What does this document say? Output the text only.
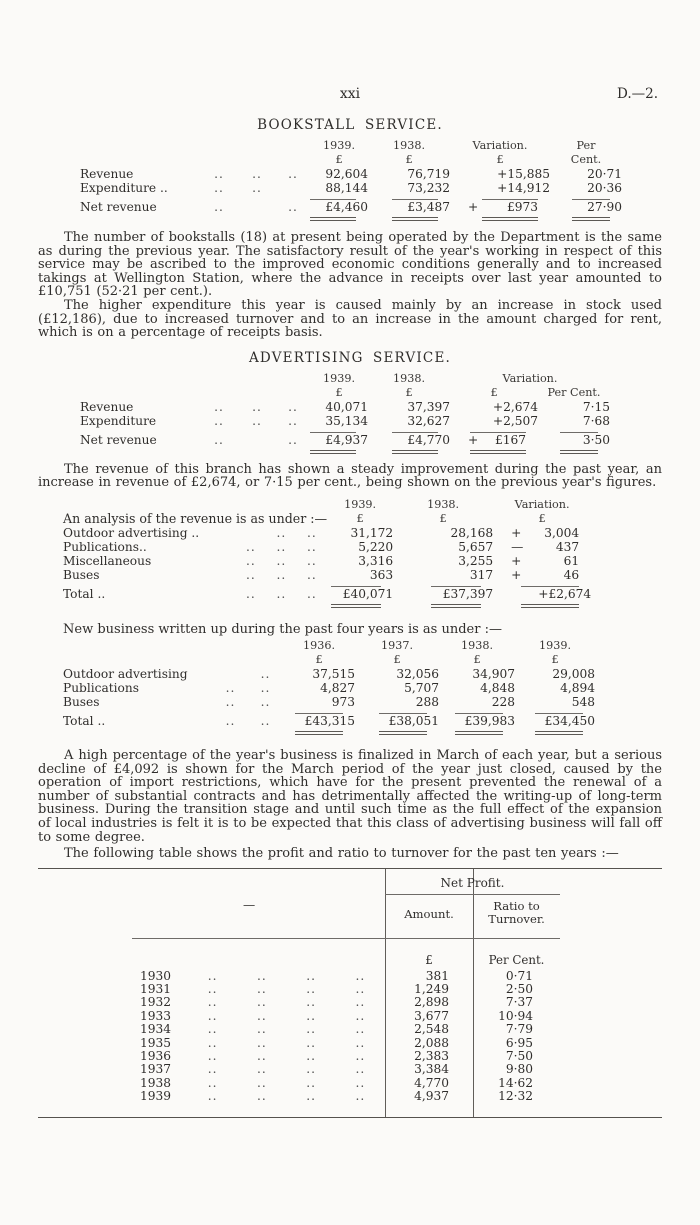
xxi	D.—2.

BOOKSTALL SERVICE.

				1939.	1938.	Variation.	Per
				£	£	£	Cent.
Revenue	..	..	..	92,604	76,719	+15,885	20·71
Expenditure ..	..	..		88,144	73,232	+14,912	20·36

Net revenue	..		..	£4,460	£3,487	+ £973	27·90

The number of bookstalls (18) at present being operated by the Department is the same as during the previous year. The satisfactory result of the year's working in respect of this service may be ascribed to the improved economic conditions generally and to increased takings at Wellington Station, where the advance in receipts over last year amounted to £10,751 (52·21 per cent.).

The higher expenditure this year is caused mainly by an increase in stock used (£12,186), due to increased turnover and to an increase in the amount charged for rent, which is on a percentage of receipts basis.

ADVERTISING SERVICE.

				1939.	1938.	Variation.	
				£	£	£	Per Cent.
Revenue	..	..	..	40,071	37,397	+2,674	7·15
Expenditure	..	..	..	35,134	32,627	+2,507	7·68

Net revenue	..		..	£4,937	£4,770	+ £167	3·50

The revenue of this branch has shown a steady improvement during the past year, an increase in revenue of £2,674, or 7·15 per cent., being shown on the previous year's figures.

				1939.	1938.	Variation.
An analysis of the revenue is as under :—				£	£	£
Outdoor advertising ..		..	..	31,172	28,168	+ 3,004

Publications..	..	..	..	5,220	5,657	— 437

Miscellaneous	..	..	..	3,316	3,255	+ 61

Buses	..	..	..	363	317	+ 46

Total ..	..	..	..	£40,071	£37,397	+£2,674

New business written up during the past four years is as under :—

			1936.	1937.	1938.	1939.
			£	£	£	£
Outdoor advertising		..	37,515	32,056	34,907	29,008
Publications	..	..	4,827	5,707	4,848	4,894
Buses	..	..	973	288	228	548

Total ..	..	..	£43,315	£38,051	£39,983	£34,450

A high percentage of the year's business is finalized in March of each year, but a serious decline of £4,092 is shown for the March period of the year just closed, caused by the operation of import restrictions, which have for the present prevented the renewal of a number of substantial contracts and has detrimentally affected the writing-up of long-term business. During the transition stage and until such time as the full effect of the expansion of local industries is felt it is to be expected that this class of advertising business will fall off to some degree.

The following table shows the profit and ratio to turnover for the past ten years :—

—
Net Profit.
Amount.
Ratio to
Turnover.
£	Per Cent.
1930	..	..	..	..	381	0·71
1931	..	..	..	..	1,249	2·50
1932	..	..	..	..	2,898	7·37
1933	..	..	..	..	3,677	10·94
1934	..	..	..	..	2,548	7·79
1935	..	..	..	..	2,088	6·95
1936	..	..	..	..	2,383	7·50
1937	..	..	..	..	3,384	9·80
1938	..	..	..	..	4,770	14·62
1939	..	..	..	..	4,937	12·32
